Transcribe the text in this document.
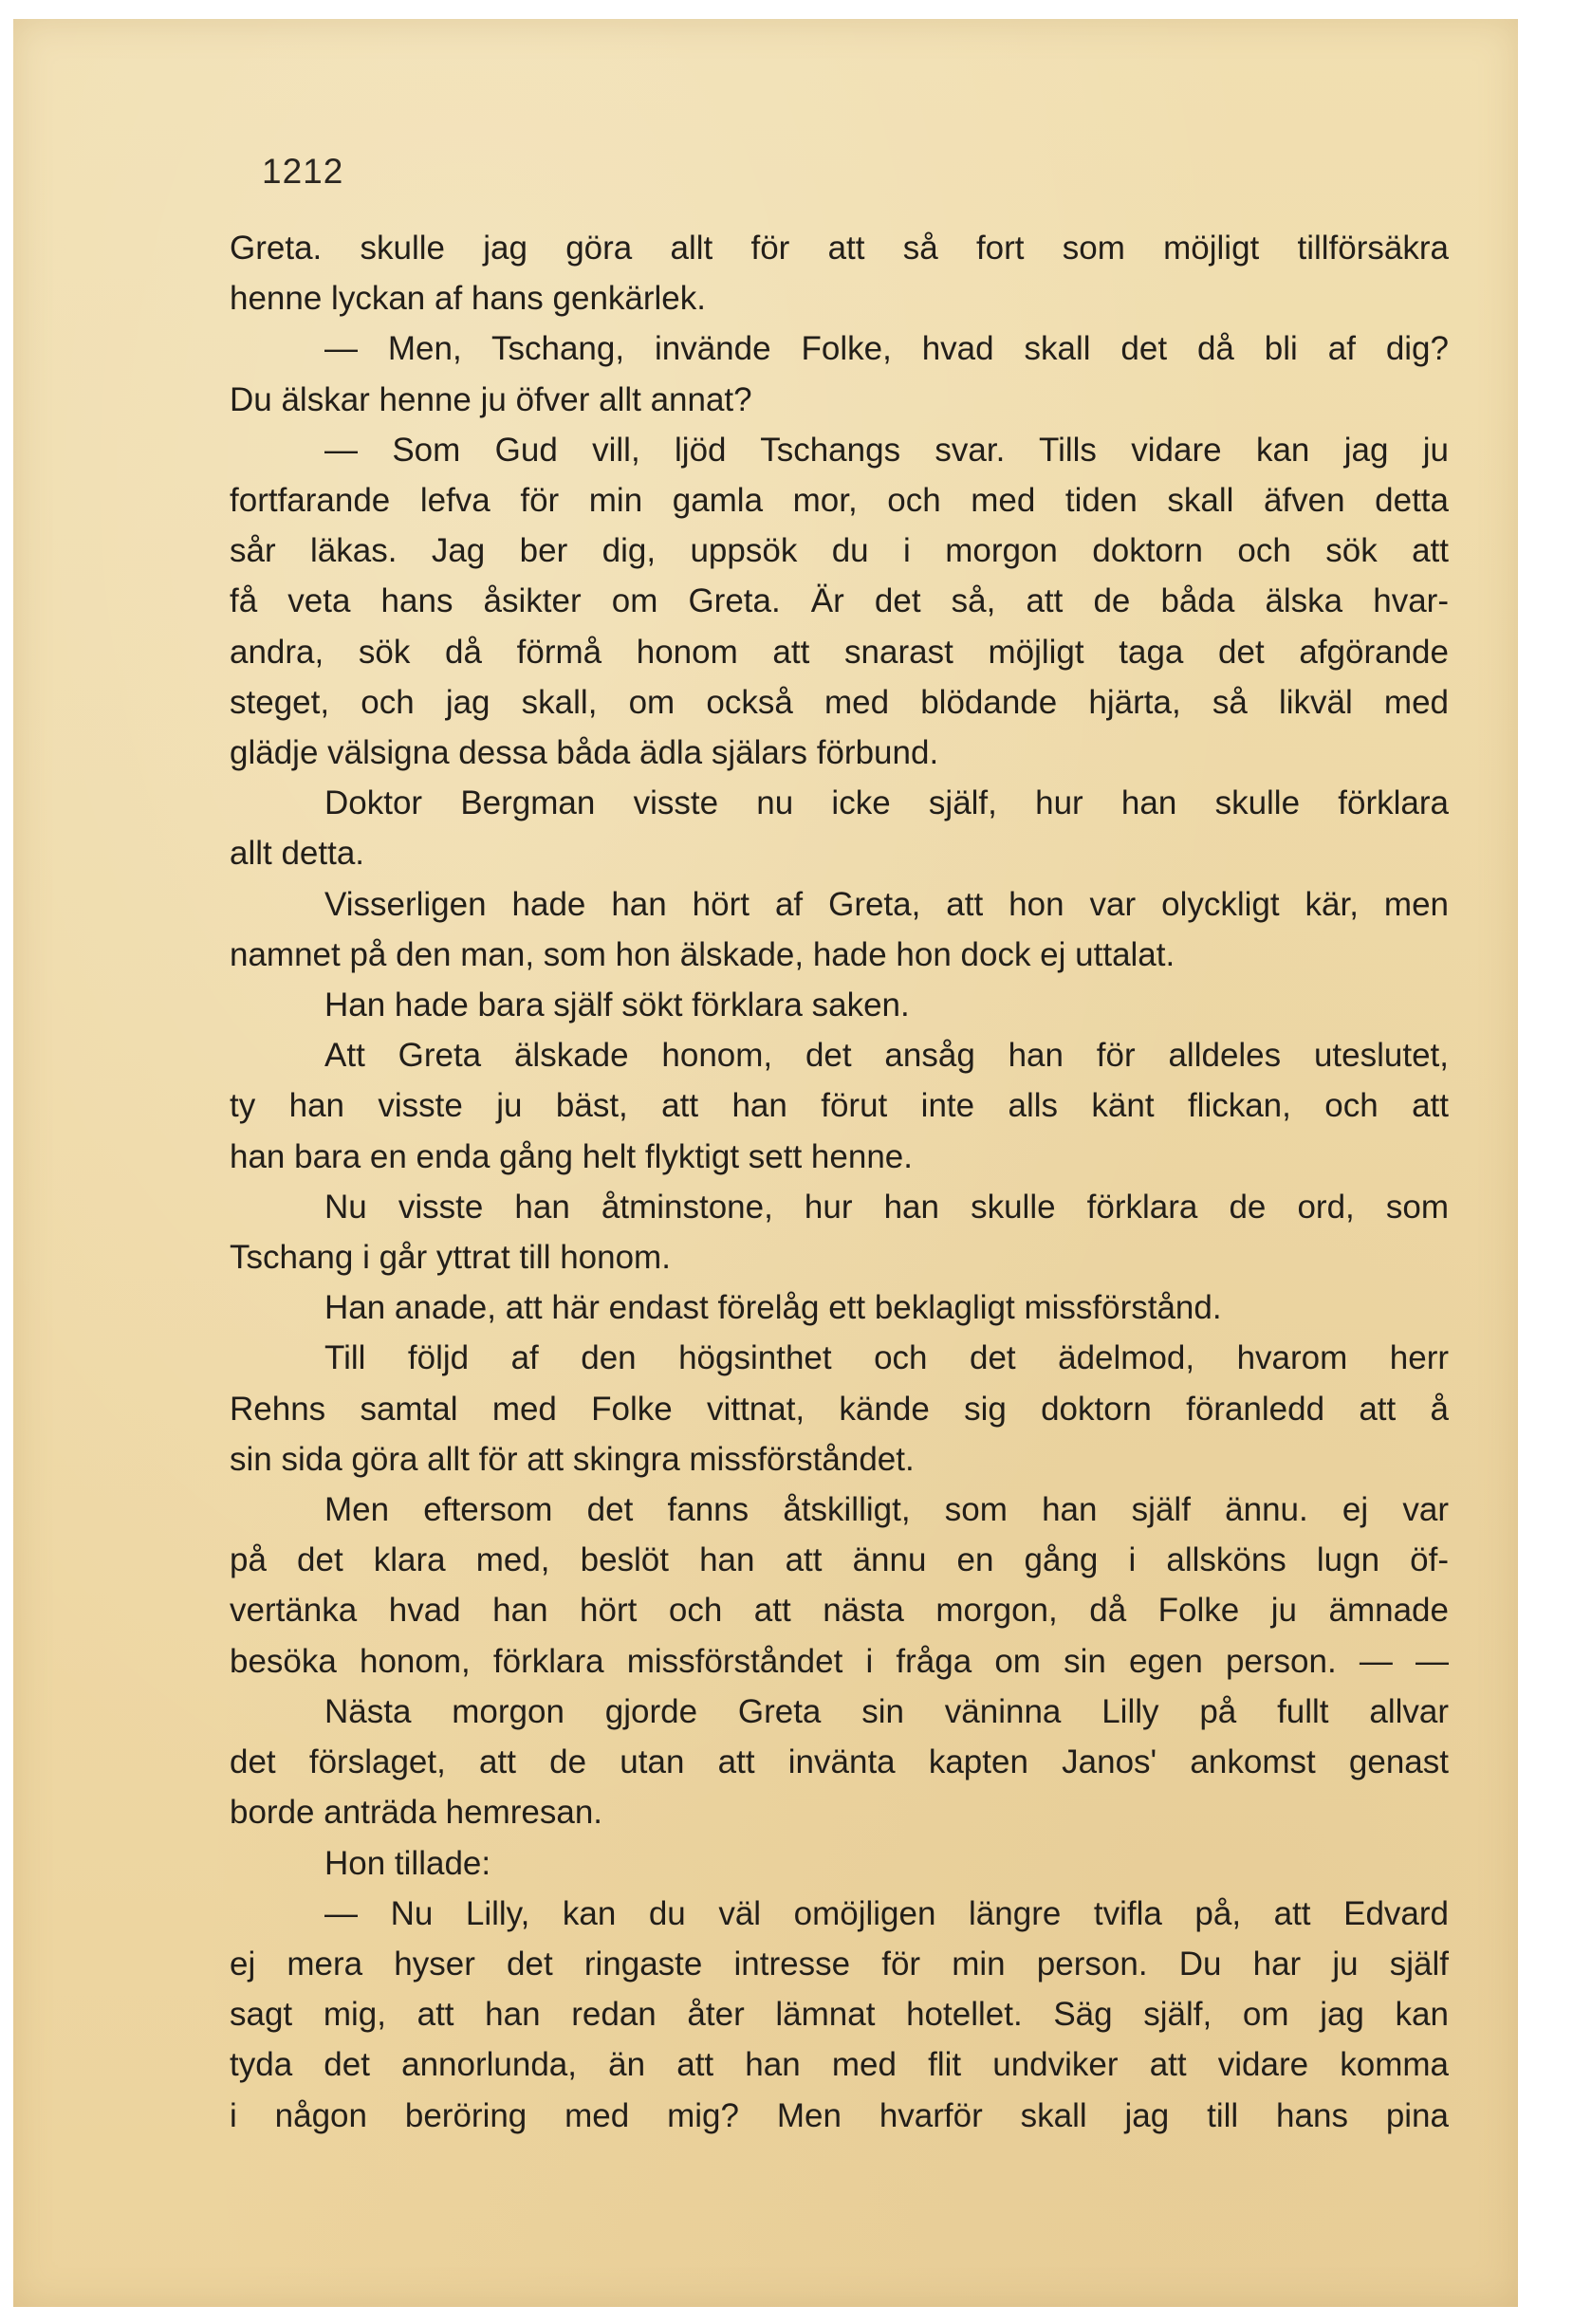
1212
Greta. skulle jag göra allt för att så fort som möjligt tillförsäkra
henne lyckan af hans genkärlek.
— Men, Tschang, invände Folke, hvad skall det då bli af dig?
Du älskar henne ju öfver allt annat?
— Som Gud vill, ljöd Tschangs svar. Tills vidare kan jag ju
fortfarande lefva för min gamla mor, och med tiden skall äfven detta
sår läkas. Jag ber dig, uppsök du i morgon doktorn och sök att
få veta hans åsikter om Greta. Är det så, att de båda älska hvar-
andra, sök då förmå honom att snarast möjligt taga det afgörande
steget, och jag skall, om också med blödande hjärta, så likväl med
glädje välsigna dessa båda ädla själars förbund.
Doktor Bergman visste nu icke själf, hur han skulle förklara
allt detta.
Visserligen hade han hört af Greta, att hon var olyckligt kär, men
namnet på den man, som hon älskade, hade hon dock ej uttalat.
Han hade bara själf sökt förklara saken.
Att Greta älskade honom, det ansåg han för alldeles uteslutet,
ty han visste ju bäst, att han förut inte alls känt flickan, och att
han bara en enda gång helt flyktigt sett henne.
Nu visste han åtminstone, hur han skulle förklara de ord, som
Tschang i går yttrat till honom.
Han anade, att här endast förelåg ett beklagligt missförstånd.
Till följd af den högsinthet och det ädelmod, hvarom herr
Rehns samtal med Folke vittnat, kände sig doktorn föranledd att å
sin sida göra allt för att skingra missförståndet.
Men eftersom det fanns åtskilligt, som han själf ännu. ej var
på det klara med, beslöt han att ännu en gång i allsköns lugn öf-
vertänka hvad han hört och att nästa morgon, då Folke ju ämnade
besöka honom, förklara missförståndet i fråga om sin egen person. — —
Nästa morgon gjorde Greta sin väninna Lilly på fullt allvar
det förslaget, att de utan att invänta kapten Janos' ankomst genast
borde anträda hemresan.
Hon tillade:
— Nu Lilly, kan du väl omöjligen längre tvifla på, att Edvard
ej mera hyser det ringaste intresse för min person. Du har ju själf
sagt mig, att han redan åter lämnat hotellet. Säg själf, om jag kan
tyda det annorlunda, än att han med flit undviker att vidare komma
i någon beröring med mig? Men hvarför skall jag till hans pina
